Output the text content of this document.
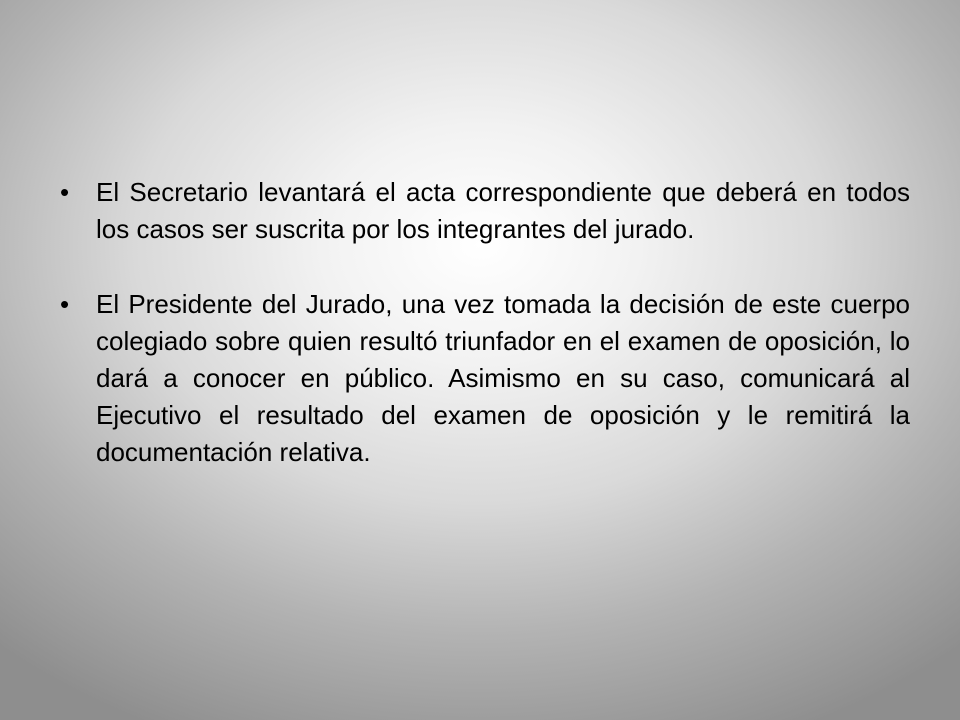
• El Secretario levantará el acta correspondiente que deberá en todos los casos ser suscrita por los integrantes del jurado.
• El Presidente del Jurado, una vez tomada la decisión de este cuerpo colegiado sobre quien resultó triunfador en el examen de oposición, lo dará a conocer en público. Asimismo en su caso, comunicará al Ejecutivo el resultado del examen de oposición y le remitirá la documentación relativa.
